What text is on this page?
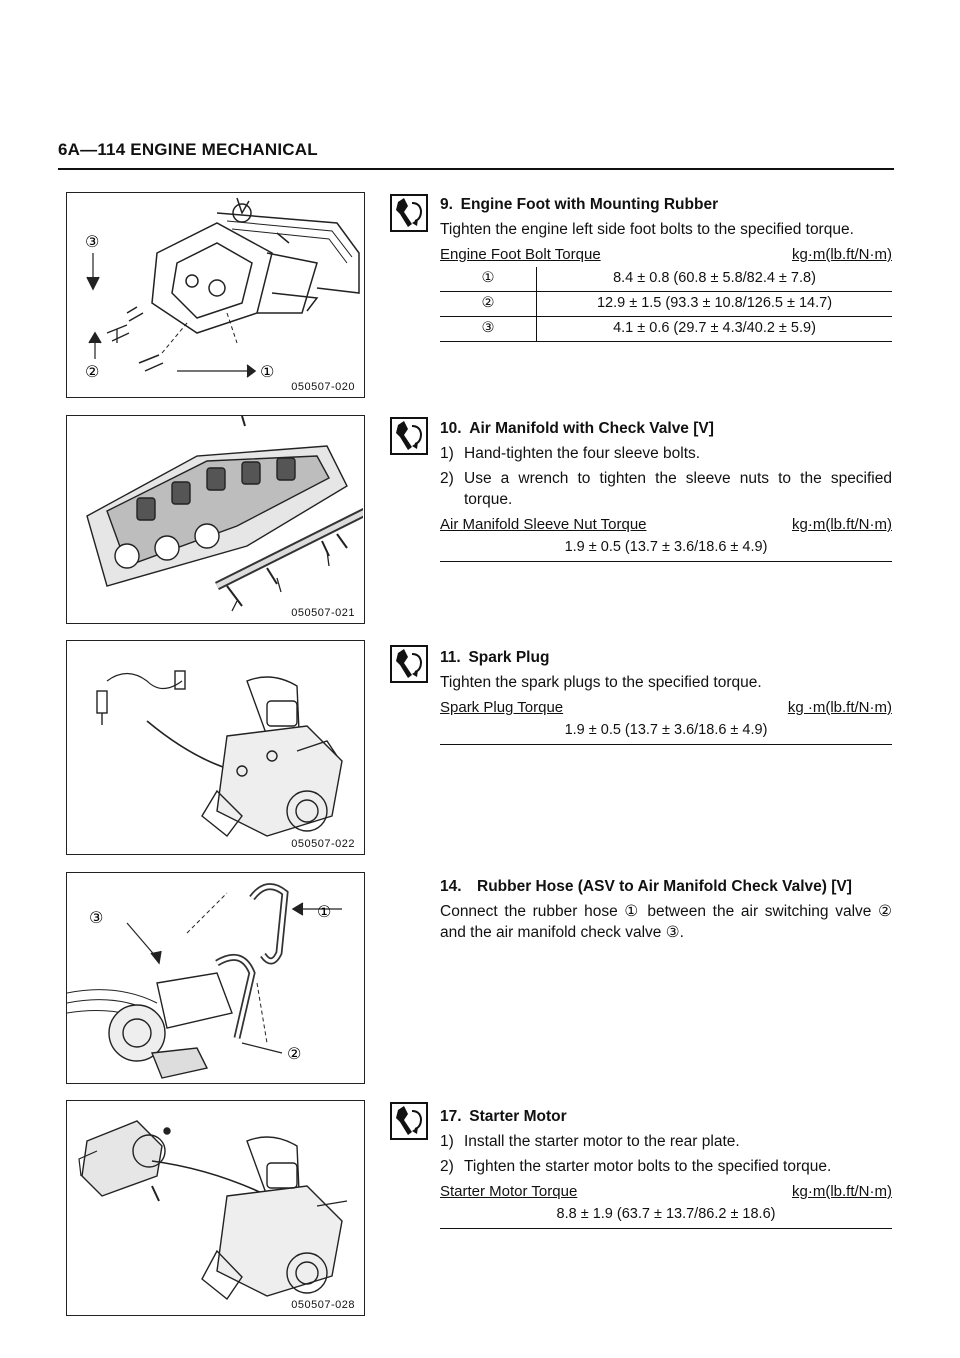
6A—114 ENGINE MECHANICAL
③
②	①
050507-020
050507-021
050507-022
③	①
②
050507-028
9. Engine Foot with Mounting Rubber

Tighten the engine left side foot bolts to the specified torque.

Engine Foot Bolt Torque	kg·m(lb.ft/N·m)
①	8.4 ± 0.8 (60.8 ± 5.8/82.4 ± 7.8)
②	12.9 ± 1.5 (93.3 ± 10.8/126.5 ± 14.7)
③	4.1 ± 0.6 (29.7 ± 4.3/40.2 ± 5.9)
10. Air Manifold with Check Valve [V]
1) Hand-tighten the four sleeve bolts.
2) Use a wrench to tighten the sleeve nuts to the specified torque.
Air Manifold Sleeve Nut Torque	kg·m(lb.ft/N·m)
1.9 ± 0.5 (13.7 ± 3.6/18.6 ± 4.9)
11. Spark Plug

Tighten the spark plugs to the specified torque.

Spark Plug Torque	kg ·m(lb.ft/N·m)
1.9 ± 0.5 (13.7 ± 3.6/18.6 ± 4.9)
14. Rubber Hose (ASV to Air Manifold Check Valve) [V]

Connect the rubber hose ① between the air switching valve ② and the air manifold check valve ③.

17. Starter Motor
1) Install the starter motor to the rear plate.
2) Tighten the starter motor bolts to the specified torque.
Starter Motor Torque	kg·m(lb.ft/N·m)
8.8 ± 1.9 (63.7 ± 13.7/86.2 ± 18.6)
